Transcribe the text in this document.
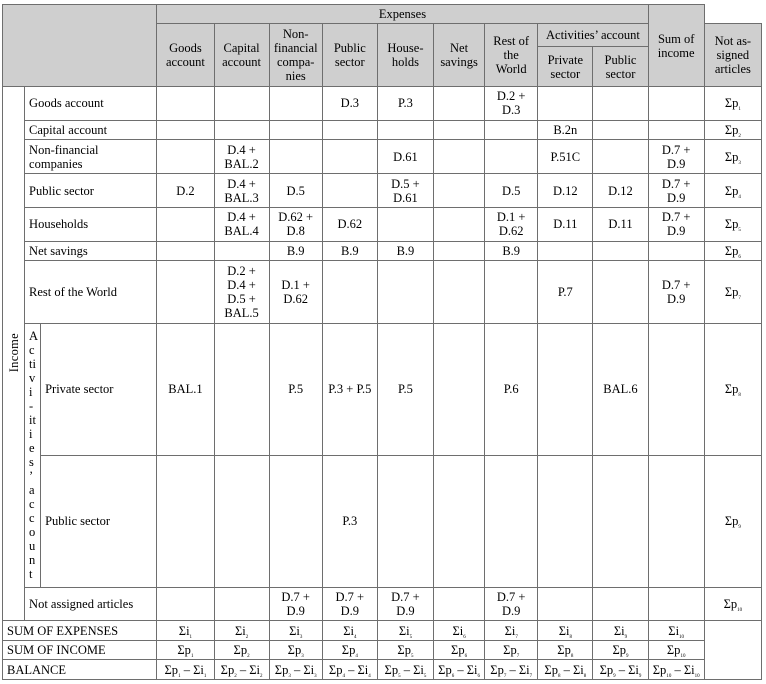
			Expenses									Sum of income	
			Goods account	Capital account	Non-financial compa-nies	Public sector	House-holds	Net savings	Rest of the World	Activities’ account			Not as-signed articles
										Private sector	Public sector		
Income	Goods account					D.3	P.3		D.2 + D.3				$\Sigma p_1$
	Capital account									B.2n			$\Sigma p_2$
	Non-financial companies			D.4 + BAL.2			D.61			P.51C		D.7 + D.9	$\Sigma p_3$
	Public sector		D.2	D.4 + BAL.3	D.5		D.5 + D.61		D.5	D.12	D.12	D.7 + D.9	$\Sigma p_4$
	Households			D.4 + BAL.4	D.62 + D.8	D.62			D.1 + D.62	D.11	D.11	D.7 + D.9	$\Sigma p_5$
	Net savings				B.9	B.9	B.9		B.9				$\Sigma p_6$
	Rest of the World			D.2 + D.4 + D.5 + BAL.5	D.1 + D.62					P.7		D.7 + D.9	$\Sigma p_7$
	Activi-ities’ account	Private sector	BAL.1		P.5	P.3 + P.5	P.5		P.6		BAL.6		$\Sigma p_8$
		Public sector				P.3							$\Sigma p_9$
	Not assigned articles				D.7 + D.9	D.7 + D.9	D.7 + D.9		D.7 + D.9				$\Sigma p_{10}$
SUM OF EXPENSES			$\Sigma i_1$	$\Sigma i_2$	$\Sigma i_3$	$\Sigma i_4$	$\Sigma i_5$	$\Sigma i_6$	$\Sigma i_7$	$\Sigma i_8$	$\Sigma i_9$	$\Sigma i_{10}$	
SUM OF INCOME			$\Sigma p_1$	$\Sigma p_2$	$\Sigma p_3$	$\Sigma p_4$	$\Sigma p_5$	$\Sigma p_6$	$\Sigma p_7$	$\Sigma p_8$	$\Sigma p_9$	$\Sigma p_{10}$
BALANCE			$\Sigma p_1 - \Sigma i_1$	$\Sigma p_2 - \Sigma i_2$	$\Sigma p_3 - \Sigma i_3$	$\Sigma p_4 - \Sigma i_4$	$\Sigma p_5 - \Sigma i_5$	$\Sigma p_6 - \Sigma i_6$	$\Sigma p_7 - \Sigma i_7$	$\Sigma p_8 - \Sigma i_8$	$\Sigma p_9 - \Sigma i_9$	$\Sigma p_{10} - \Sigma i_{10}$
